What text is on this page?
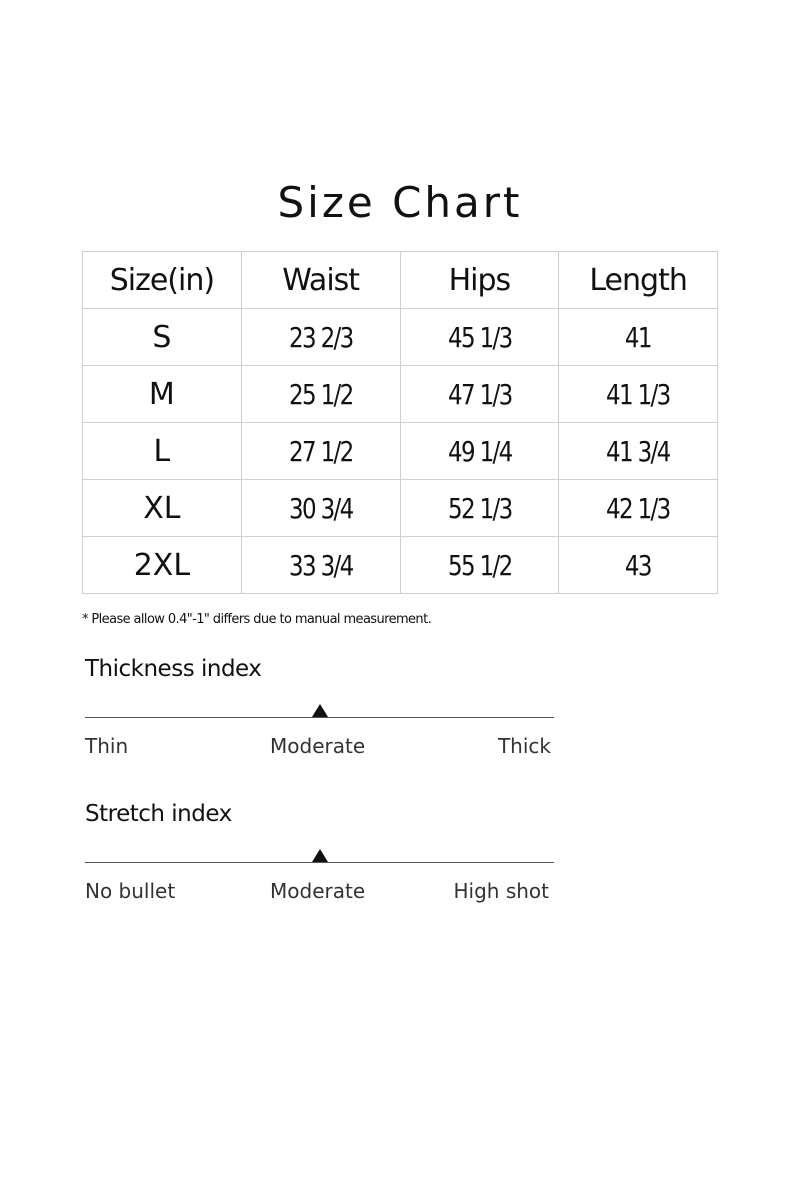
Size Chart
Size(in)	Waist	Hips	Length
S	23 2/3	45 1/3	41
M	25 1/2	47 1/3	41 1/3
L	27 1/2	49 1/4	41 3/4
XL	30 3/4	52 1/3	42 1/3
2XL	33 3/4	55 1/2	43
* Please allow 0.4"-1" differs due to manual measurement.
Thickness index
Thin	Moderate	Thick
Stretch index
No bullet	Moderate	High shot
